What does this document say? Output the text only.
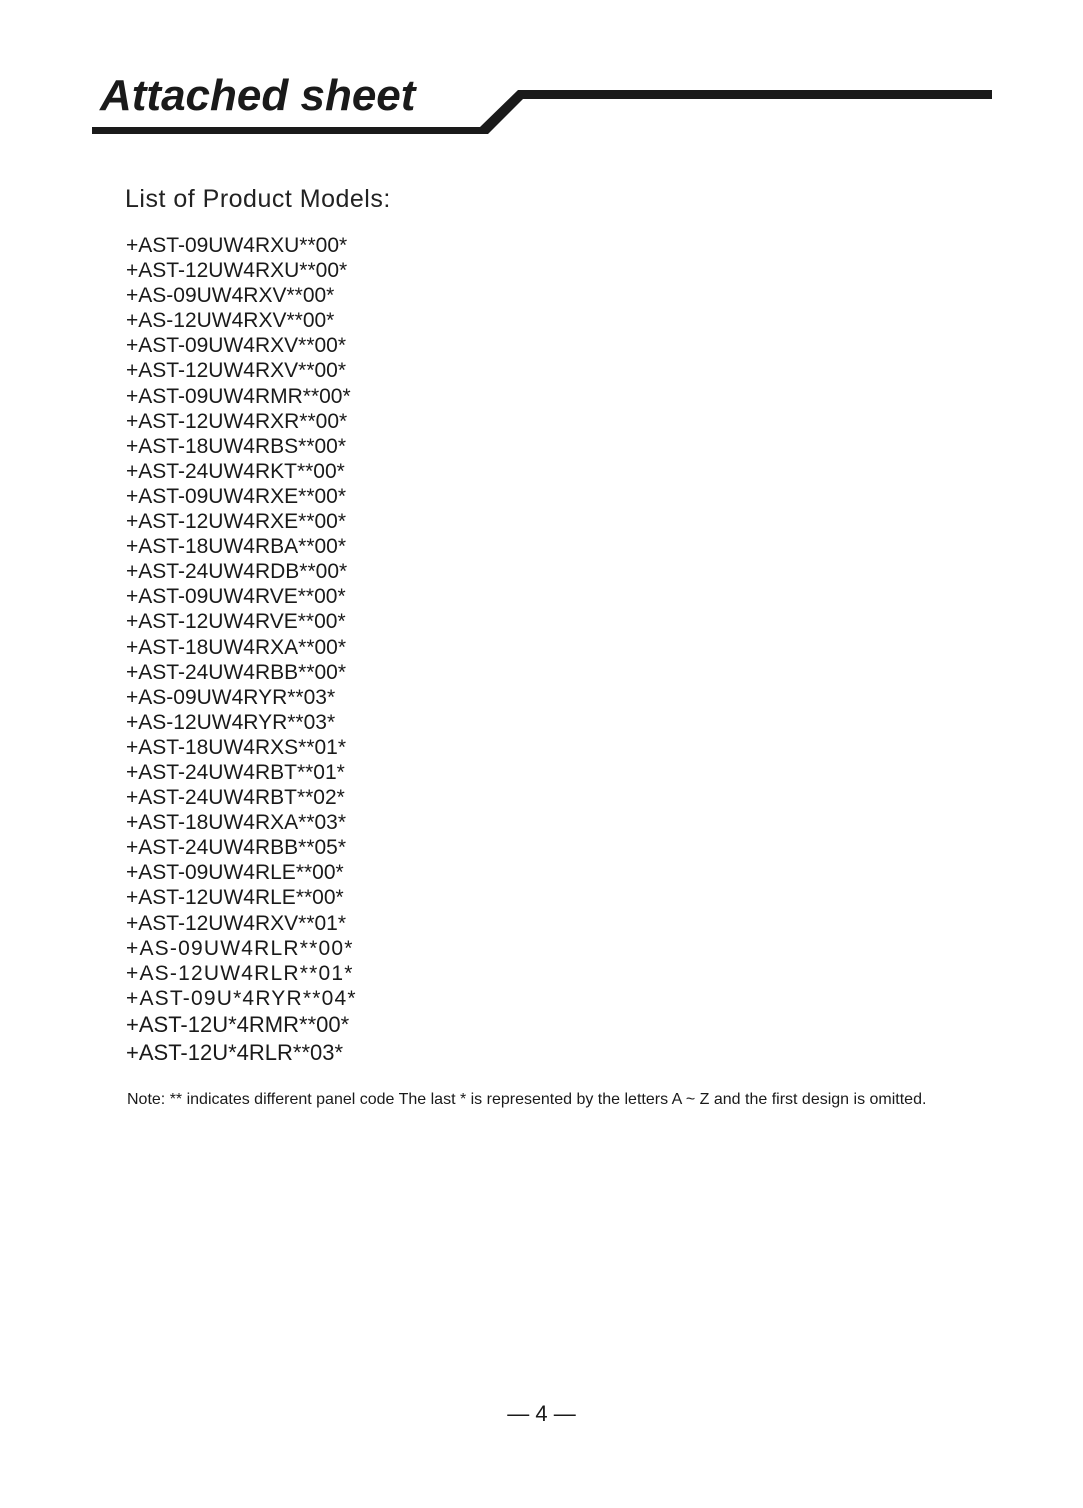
Attached sheet
List of Product Models:
+AST-09UW4RXU**00*
+AST-12UW4RXU**00*
+AS-09UW4RXV**00*
+AS-12UW4RXV**00*
+AST-09UW4RXV**00*
+AST-12UW4RXV**00*
+AST-09UW4RMR**00*
+AST-12UW4RXR**00*
+AST-18UW4RBS**00*
+AST-24UW4RKT**00*
+AST-09UW4RXE**00*
+AST-12UW4RXE**00*
+AST-18UW4RBA**00*
+AST-24UW4RDB**00*
+AST-09UW4RVE**00*
+AST-12UW4RVE**00*
+AST-18UW4RXA**00*
+AST-24UW4RBB**00*
+AS-09UW4RYR**03*
+AS-12UW4RYR**03*
+AST-18UW4RXS**01*
+AST-24UW4RBT**01*
+AST-24UW4RBT**02*
+AST-18UW4RXA**03*
+AST-24UW4RBB**05*
+AST-09UW4RLE**00*
+AST-12UW4RLE**00*
+AST-12UW4RXV**01*
+AS-09UW4RLR**00*
+AS-12UW4RLR**01*
+AST-09U*4RYR**04*
+AST-12U*4RMR**00*
+AST-12U*4RLR**03*

Note: ** indicates different panel code The last * is represented by the letters A ~ Z and the first design is omitted.

— 4 —
